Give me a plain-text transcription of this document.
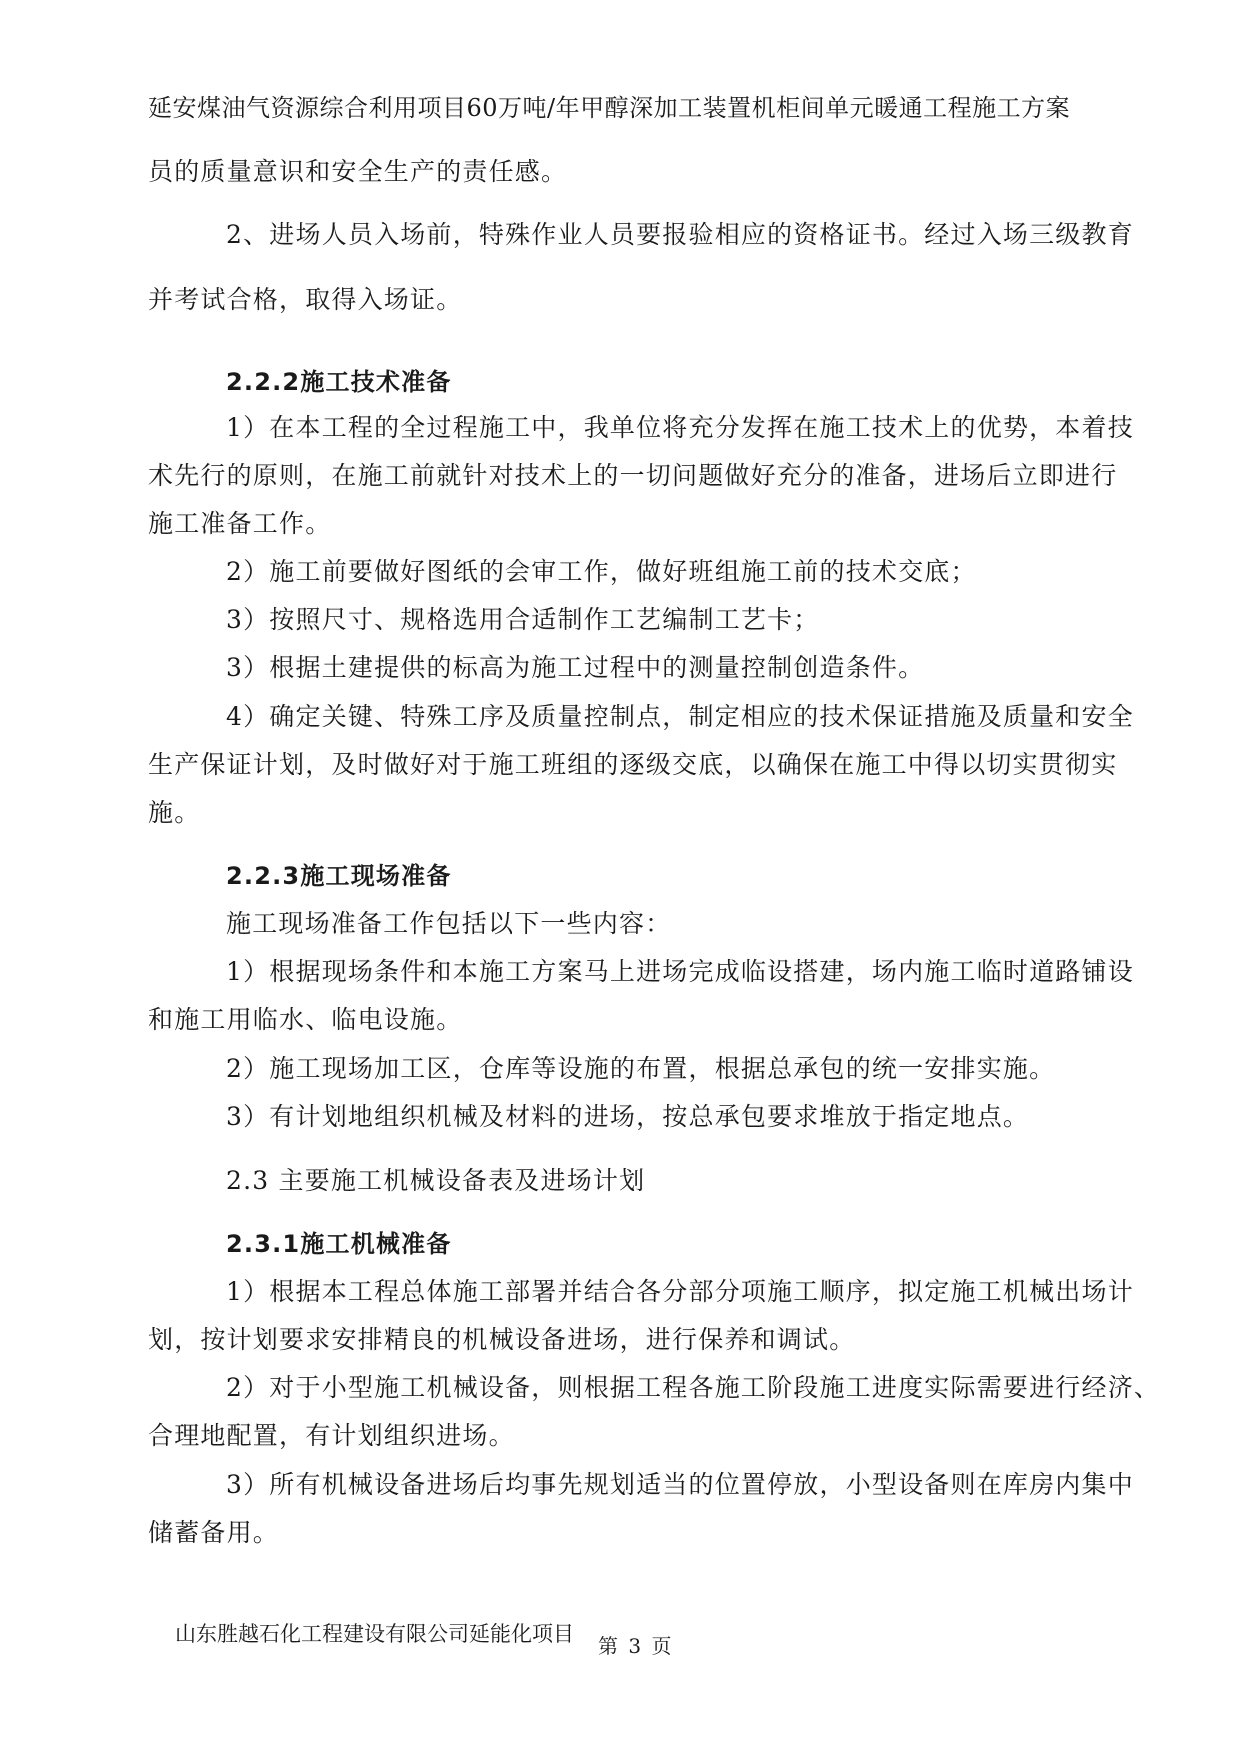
延安煤油气资源综合利用项目60万吨/年甲醇深加工装置机柜间单元暖通工程施工方案
员的质量意识和安全生产的责任感。
2、进场人员入场前，特殊作业人员要报验相应的资格证书。经过入场三级教育
并考试合格，取得入场证。
2.2.2施工技术准备
1）在本工程的全过程施工中，我单位将充分发挥在施工技术上的优势，本着技
术先行的原则，在施工前就针对技术上的一切问题做好充分的准备，进场后立即进行
施工准备工作。
2）施工前要做好图纸的会审工作，做好班组施工前的技术交底；
3）按照尺寸、规格选用合适制作工艺编制工艺卡；
3）根据土建提供的标高为施工过程中的测量控制创造条件。
4）确定关键、特殊工序及质量控制点，制定相应的技术保证措施及质量和安全
生产保证计划，及时做好对于施工班组的逐级交底，以确保在施工中得以切实贯彻实
施。
2.2.3施工现场准备
施工现场准备工作包括以下一些内容：
1）根据现场条件和本施工方案马上进场完成临设搭建，场内施工临时道路铺设
和施工用临水、临电设施。
2）施工现场加工区，仓库等设施的布置，根据总承包的统一安排实施。
3）有计划地组织机械及材料的进场，按总承包要求堆放于指定地点。
2.3 主要施工机械设备表及进场计划
2.3.1施工机械准备
1）根据本工程总体施工部署并结合各分部分项施工顺序，拟定施工机械出场计
划，按计划要求安排精良的机械设备进场，进行保养和调试。
2）对于小型施工机械设备，则根据工程各施工阶段施工进度实际需要进行经济、
合理地配置，有计划组织进场。
3）所有机械设备进场后均事先规划适当的位置停放，小型设备则在库房内集中
储蓄备用。
山东胜越石化工程建设有限公司延能化项目 第 3 页
